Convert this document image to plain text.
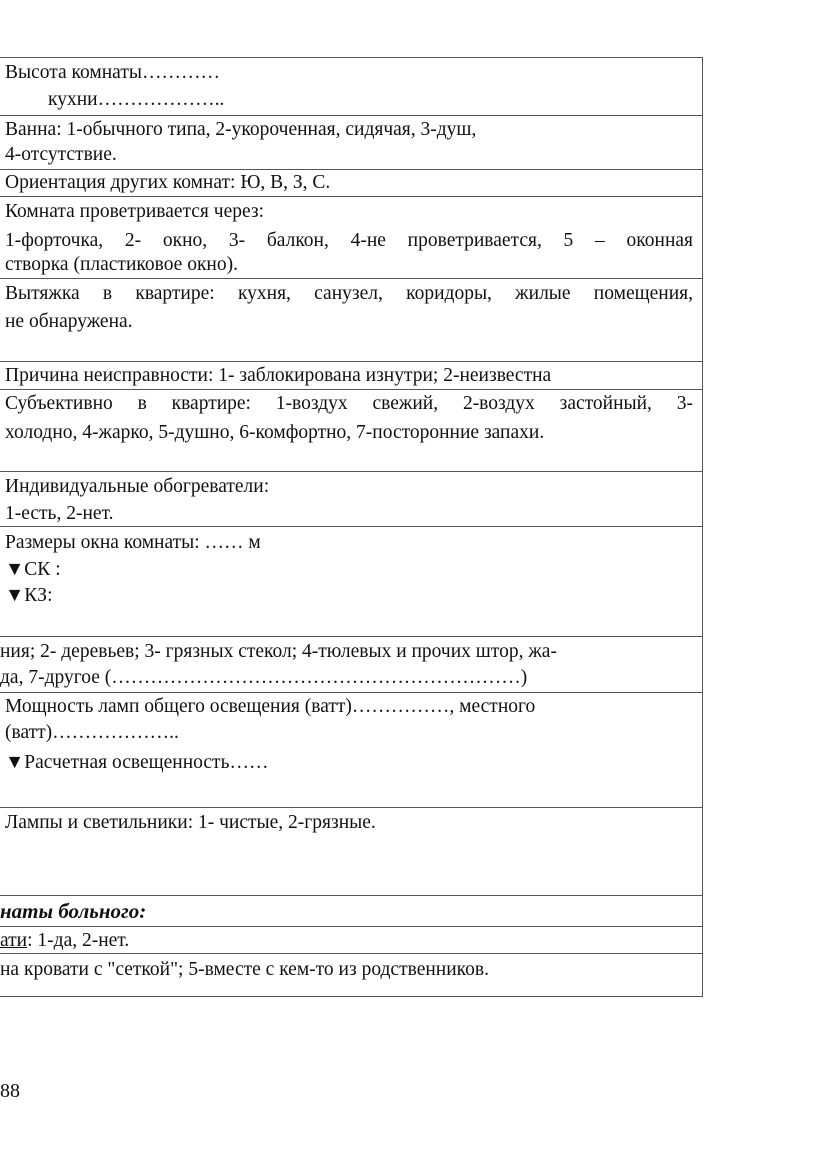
Высота комнаты…………
кухни………………..
Ванна: 1-обычного типа, 2-укороченная, сидячая, 3-душ,
4-отсутствие.
Ориентация других комнат: Ю, В, З, С.
Комната проветривается через:
1-форточка, 2- окно, 3- балкон, 4-не проветривается, 5 – оконная
створка (пластиковое окно).
Вытяжка в квартире: кухня, санузел, коридоры, жилые помещения,
не обнаружена.
Причина неисправности: 1- заблокирована изнутри; 2-неизвестна
Субъективно в квартире: 1-воздух свежий, 2-воздух застойный, 3-
холодно, 4-жарко, 5-душно, 6-комфортно, 7-посторонние запахи.
Индивидуальные обогреватели:
1-есть, 2-нет.
Размеры окна комнаты: …… м
▼СК :
▼КЗ:
ния; 2- деревьев; 3- грязных стекол; 4-тюлевых и прочих штор, жа-
да, 7-другое (………………………………………………………)
Мощность ламп общего освещения (ватт)……………, местного
(ватт)………………..
▼Расчетная освещенность……
Лампы и светильники: 1- чистые, 2-грязные.
наты больного:
ати: 1-да, 2-нет.
на кровати с "сеткой"; 5-вместе с кем-то из родственников.
88
